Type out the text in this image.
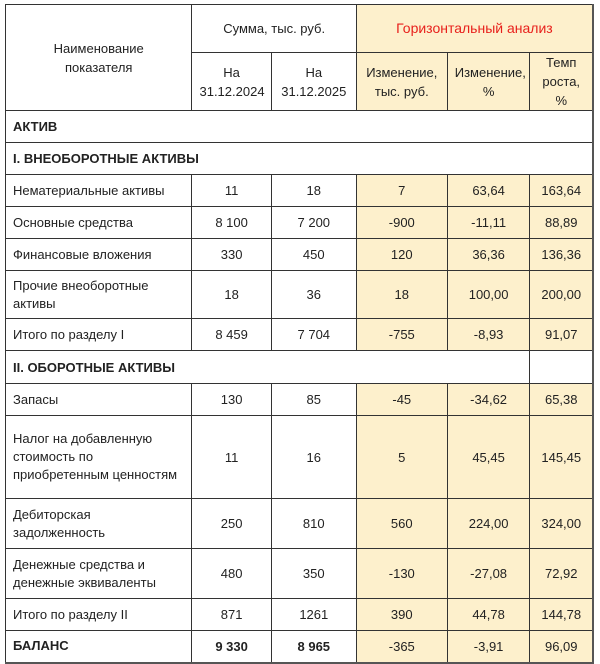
Наименование показателя	Сумма, тыс. руб.		Горизонтальный анализ		
	На 31.12.2024	На 31.12.2025	Изменение, тыс. руб.	Изменение, %	Темп роста, %
АКТИВ					
I. ВНЕОБОРОТНЫЕ АКТИВЫ					
Нематериальные активы	11	18	7	63,64	163,64
Основные средства	8 100	7 200	-900	-11,11	88,89
Финансовые вложения	330	450	120	36,36	136,36
Прочие внеоборотные активы	18	36	18	100,00	200,00
Итого по разделу I	8 459	7 704	-755	-8,93	91,07
II. ОБОРОТНЫЕ АКТИВЫ					
Запасы	130	85	-45	-34,62	65,38
Налог на добавленную стоимость по приобретенным ценностям	11	16	5	45,45	145,45
Дебиторская задолженность	250	810	560	224,00	324,00
Денежные средства и денежные эквиваленты	480	350	-130	-27,08	72,92
Итого по разделу II	871	1261	390	44,78	144,78
БАЛАНС	9 330	8 965	-365	-3,91	96,09
